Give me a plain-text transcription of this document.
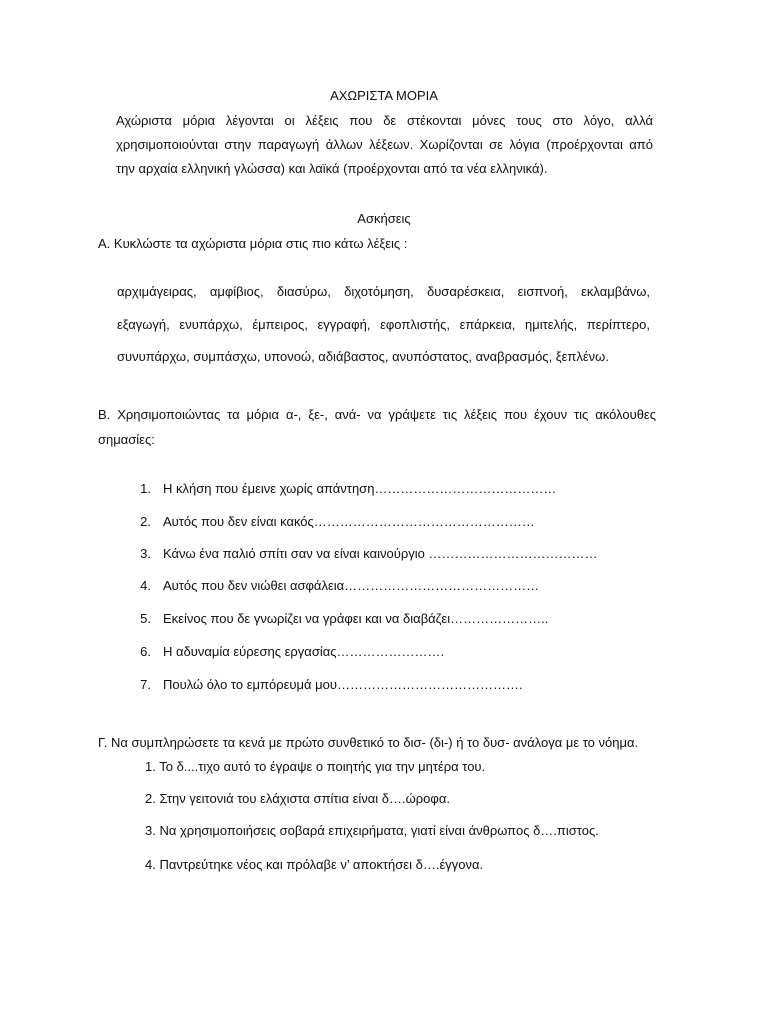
ΑΧΩΡΙΣΤΑ ΜΟΡΙΑ
Αχώριστα μόρια λέγονται οι λέξεις που δε στέκονται μόνες τους στο λόγο, αλλά
χρησιμοποιούνται στην παραγωγή άλλων λέξεων. Χωρίζονται σε λόγια (προέρχονται από
την αρχαία ελληνική γλώσσα) και λαϊκά (προέρχονται από τα νέα ελληνικά).
Ασκήσεις
Α. Κυκλώστε τα αχώριστα μόρια στις πιο κάτω λέξεις :
αρχιμάγειρας, αμφίβιος, διασύρω, διχοτόμηση, δυσαρέσκεια, εισπνοή, εκλαμβάνω,
εξαγωγή, ενυπάρχω, έμπειρος, εγγραφή, εφοπλιστής, επάρκεια, ημιτελής, περίπτερο,
συνυπάρχω, συμπάσχω, υπονοώ, αδιάβαστος, ανυπόστατος, αναβρασμός, ξεπλένω.
Β. Χρησιμοποιώντας τα μόρια α-, ξε-, ανά- να γράψετε τις λέξεις που έχουν τις ακόλουθες
σημασίες:
1. Η κλήση που έμεινε χωρίς απάντηση……………………………………
2. Αυτός που δεν είναι κακός……………………………………………
3. Κάνω ένα παλιό σπίτι σαν να είναι καινούργιο …………………………………
4. Αυτός που δεν νιώθει ασφάλεια………………………………………
5. Εκείνος που δε γνωρίζει να γράφει και να διαβάζει…………………..
6. Η αδυναμία εύρεσης εργασίας…………………….
7. Πουλώ όλο το εμπόρευμά μου…………………………………….
Γ. Να συμπληρώσετε τα κενά με πρώτο συνθετικό το δισ- (δι-) ή το δυσ- ανάλογα με το νόημα.
1. Το δ....τιχο αυτό το έγραψε ο ποιητής για την μητέρα του.
2. Στην γειτονιά του ελάχιστα σπίτια είναι δ….ώροφα.
3. Να χρησιμοποιήσεις σοβαρά επιχειρήματα, γιατί είναι άνθρωπος δ….πιστος.
4. Παντρεύτηκε νέος και πρόλαβε ν’ αποκτήσει δ….έγγονα.
